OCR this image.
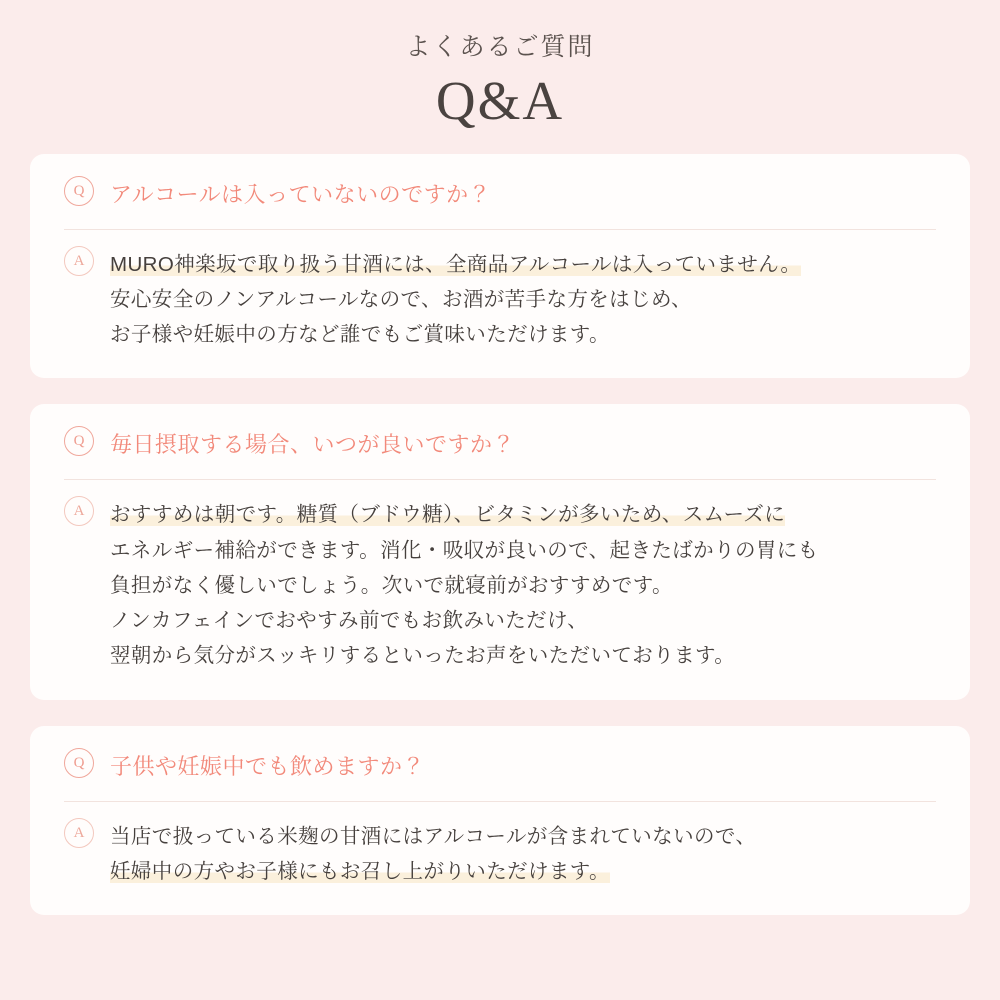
よくあるご質問
Q&A
Q	アルコールは入っていないのですか？
A	MURO神楽坂で取り扱う甘酒には、全商品アルコールは入っていません。
安心安全のノンアルコールなので、お酒が苦手な方をはじめ、
お子様や妊娠中の方など誰でもご賞味いただけます。
Q	毎日摂取する場合、いつが良いですか？
A	おすすめは朝です。糖質（ブドウ糖）、ビタミンが多いため、スムーズに
エネルギー補給ができます。消化・吸収が良いので、起きたばかりの胃にも
負担がなく優しいでしょう。次いで就寝前がおすすめです。
ノンカフェインでおやすみ前でもお飲みいただけ、
翌朝から気分がスッキリするといったお声をいただいております。
Q	子供や妊娠中でも飲めますか？
A	当店で扱っている米麹の甘酒にはアルコールが含まれていないので、
妊婦中の方やお子様にもお召し上がりいただけます。
